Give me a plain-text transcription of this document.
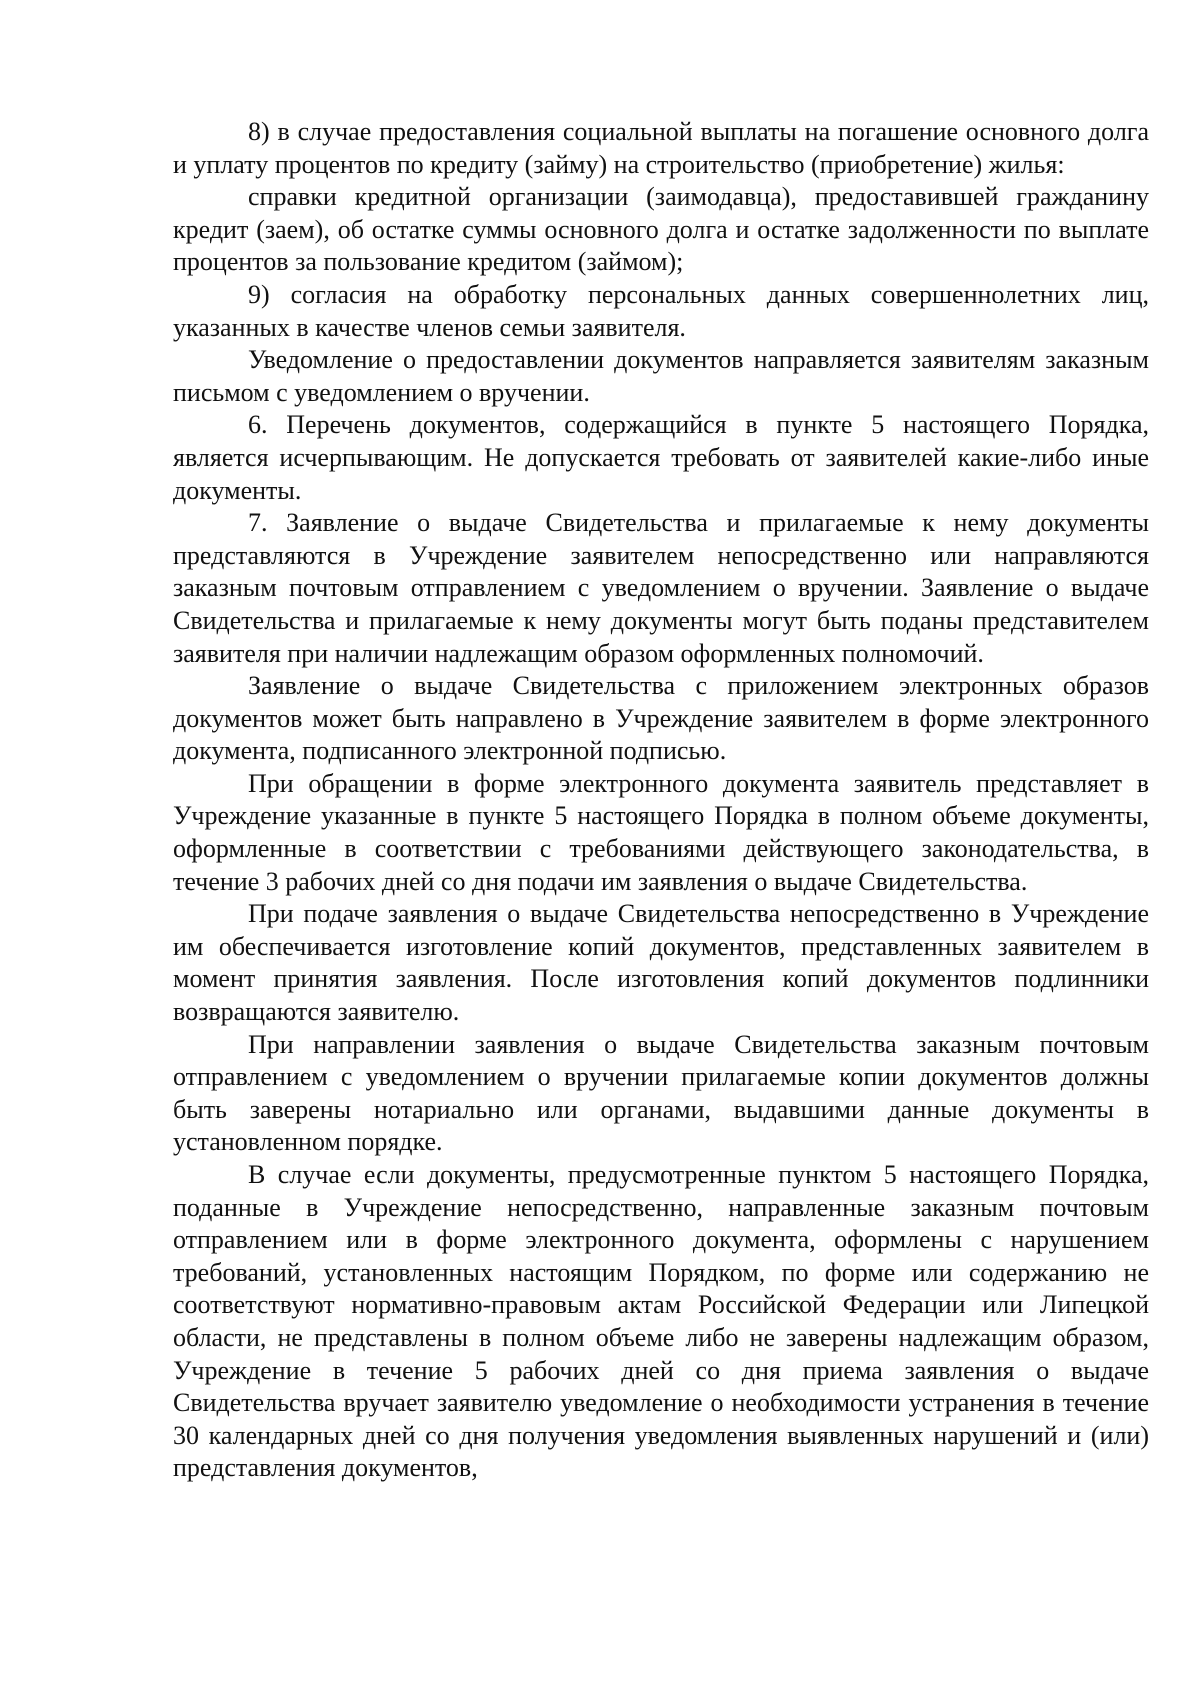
8) в случае предоставления социальной выплаты на погашение основного долга и уплату процентов по кредиту (займу) на строительство (приобретение) жилья:

справки кредитной организации (заимодавца), предоставившей гражданину кредит (заем), об остатке суммы основного долга и остатке задолженности по выплате процентов за пользование кредитом (займом);

9) согласия на обработку персональных данных совершеннолетних лиц, указанных в качестве членов семьи заявителя.

Уведомление о предоставлении документов направляется заявителям заказным письмом с уведомлением о вручении.

6. Перечень документов, содержащийся в пункте 5 настоящего Порядка, является исчерпывающим. Не допускается требовать от заявителей какие-либо иные документы.

7. Заявление о выдаче Свидетельства и прилагаемые к нему документы представляются в Учреждение заявителем непосредственно или направляются заказным почтовым отправлением с уведомлением о вручении. Заявление о выдаче Свидетельства и прилагаемые к нему документы могут быть поданы представителем заявителя при наличии надлежащим образом оформленных полномочий.

Заявление о выдаче Свидетельства с приложением электронных образов документов может быть направлено в Учреждение заявителем в форме электронного документа, подписанного электронной подписью.

При обращении в форме электронного документа заявитель представляет в Учреждение указанные в пункте 5 настоящего Порядка в полном объеме документы, оформленные в соответствии с требованиями действующего законодательства, в течение 3 рабочих дней со дня подачи им заявления о выдаче Свидетельства.

При подаче заявления о выдаче Свидетельства непосредственно в Учреждение им обеспечивается изготовление копий документов, представленных заявителем в момент принятия заявления. После изготовления копий документов подлинники возвращаются заявителю.

При направлении заявления о выдаче Свидетельства заказным почтовым отправлением с уведомлением о вручении прилагаемые копии документов должны быть заверены нотариально или органами, выдавшими данные документы в установленном порядке.

В случае если документы, предусмотренные пунктом 5 настоящего Порядка, поданные в Учреждение непосредственно, направленные заказным почтовым отправлением или в форме электронного документа, оформлены с нарушением требований, установленных настоящим Порядком, по форме или содержанию не соответствуют нормативно-правовым актам Российской Федерации или Липецкой области, не представлены в полном объеме либо не заверены надлежащим образом, Учреждение в течение 5 рабочих дней со дня приема заявления о выдаче Свидетельства вручает заявителю уведомление о необходимости устранения в течение 30 календарных дней со дня получения уведомления выявленных нарушений и (или) представления документов,
